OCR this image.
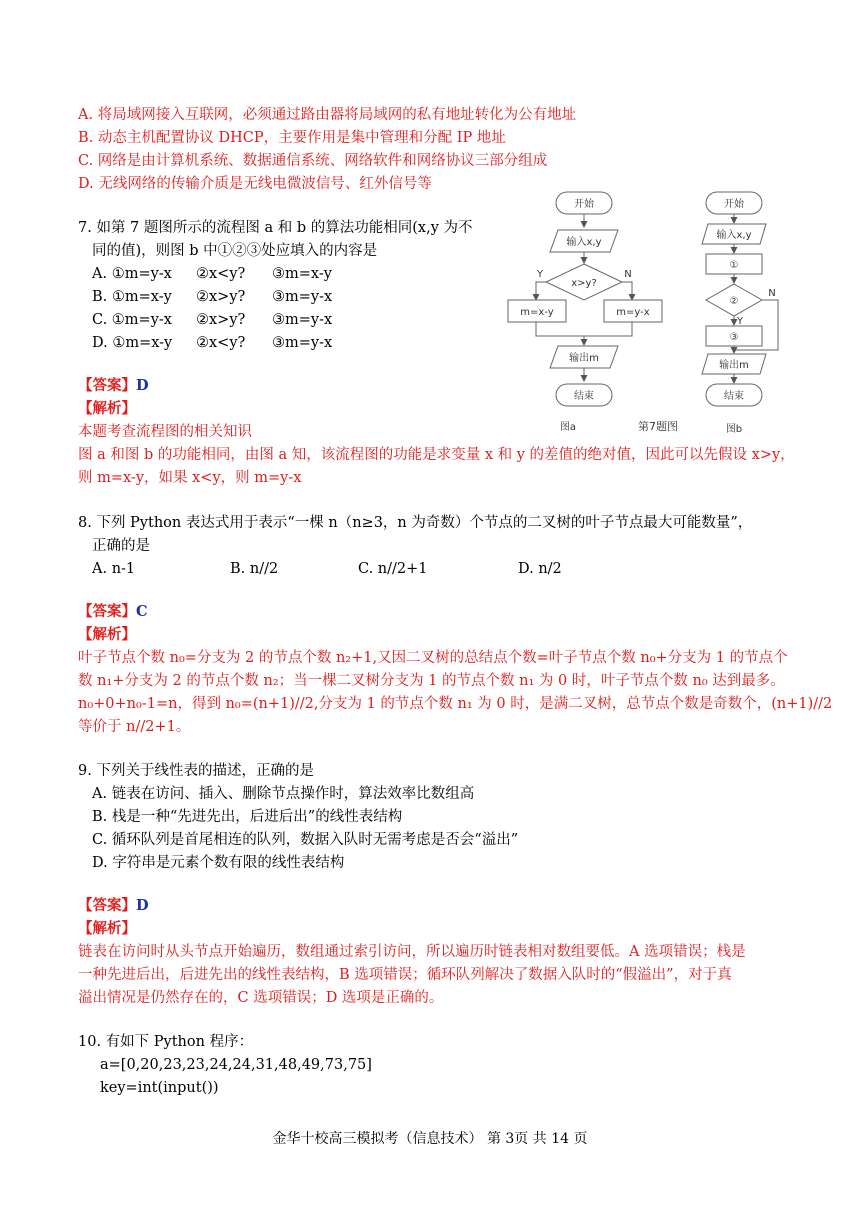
A. 将局域网接入互联网，必须通过路由器将局域网的私有地址转化为公有地址
B. 动态主机配置协议 DHCP，主要作用是集中管理和分配 IP 地址
C. 网络是由计算机系统、数据通信系统、网络软件和网络协议三部分组成
D. 无线网络的传输介质是无线电微波信号、红外信号等
7. 如第 7 题图所示的流程图 a 和 b 的算法功能相同(x,y 为不
同的值)，则图 b 中①②③处应填入的内容是
A. ①m=y-x ②x<y? ③m=x-y
B. ①m=x-y ②x>y? ③m=y-x
C. ①m=y-x ②x>y? ③m=y-x
D. ①m=x-y ②x<y? ③m=y-x
【答案】D
【解析】
本题考查流程图的相关知识
图 a 和图 b 的功能相同，由图 a 知，该流程图的功能是求变量 x 和 y 的差值的绝对值，因此可以先假设 x>y，
则 m=x-y，如果 x<y，则 m=y-x
开始
输入x,y
x>y?
Y	N
m=x-y	m=y-x
输出m
结束
图a
开始
输入x,y
①
②
N
Y
③
输出m
结束
图b
第7题图
8. 下列 Python 表达式用于表示“一棵 n（n≥3，n 为奇数）个节点的二叉树的叶子节点最大可能数量”，
正确的是
A. n-1	B. n//2	C. n//2+1	D. n/2
【答案】C
【解析】
叶子节点个数 n₀=分支为 2 的节点个数 n₂+1,又因二叉树的总结点个数=叶子节点个数 n₀+分支为 1 的节点个
数 n₁+分支为 2 的节点个数 n₂；当一棵二叉树分支为 1 的节点个数 n₁ 为 0 时，叶子节点个数 n₀ 达到最多。
n₀+0+n₀-1=n，得到 n₀=(n+1)//2,分支为 1 的节点个数 n₁ 为 0 时，是满二叉树，总节点个数是奇数个，(n+1)//2
等价于 n//2+1。
9. 下列关于线性表的描述，正确的是
A. 链表在访问、插入、删除节点操作时，算法效率比数组高
B. 栈是一种“先进先出，后进后出”的线性表结构
C. 循环队列是首尾相连的队列，数据入队时无需考虑是否会“溢出”
D. 字符串是元素个数有限的线性表结构
【答案】D
【解析】
链表在访问时从头节点开始遍历，数组通过索引访问，所以遍历时链表相对数组要低。A 选项错误；栈是
一种先进后出，后进先出的线性表结构，B 选项错误；循环队列解决了数据入队时的“假溢出”，对于真
溢出情况是仍然存在的，C 选项错误；D 选项是正确的。
10. 有如下 Python 程序：
a=[0,20,23,23,24,24,31,48,49,73,75]
key=int(input())
金华十校高三模拟考（信息技术） 第 3页 共 14 页
